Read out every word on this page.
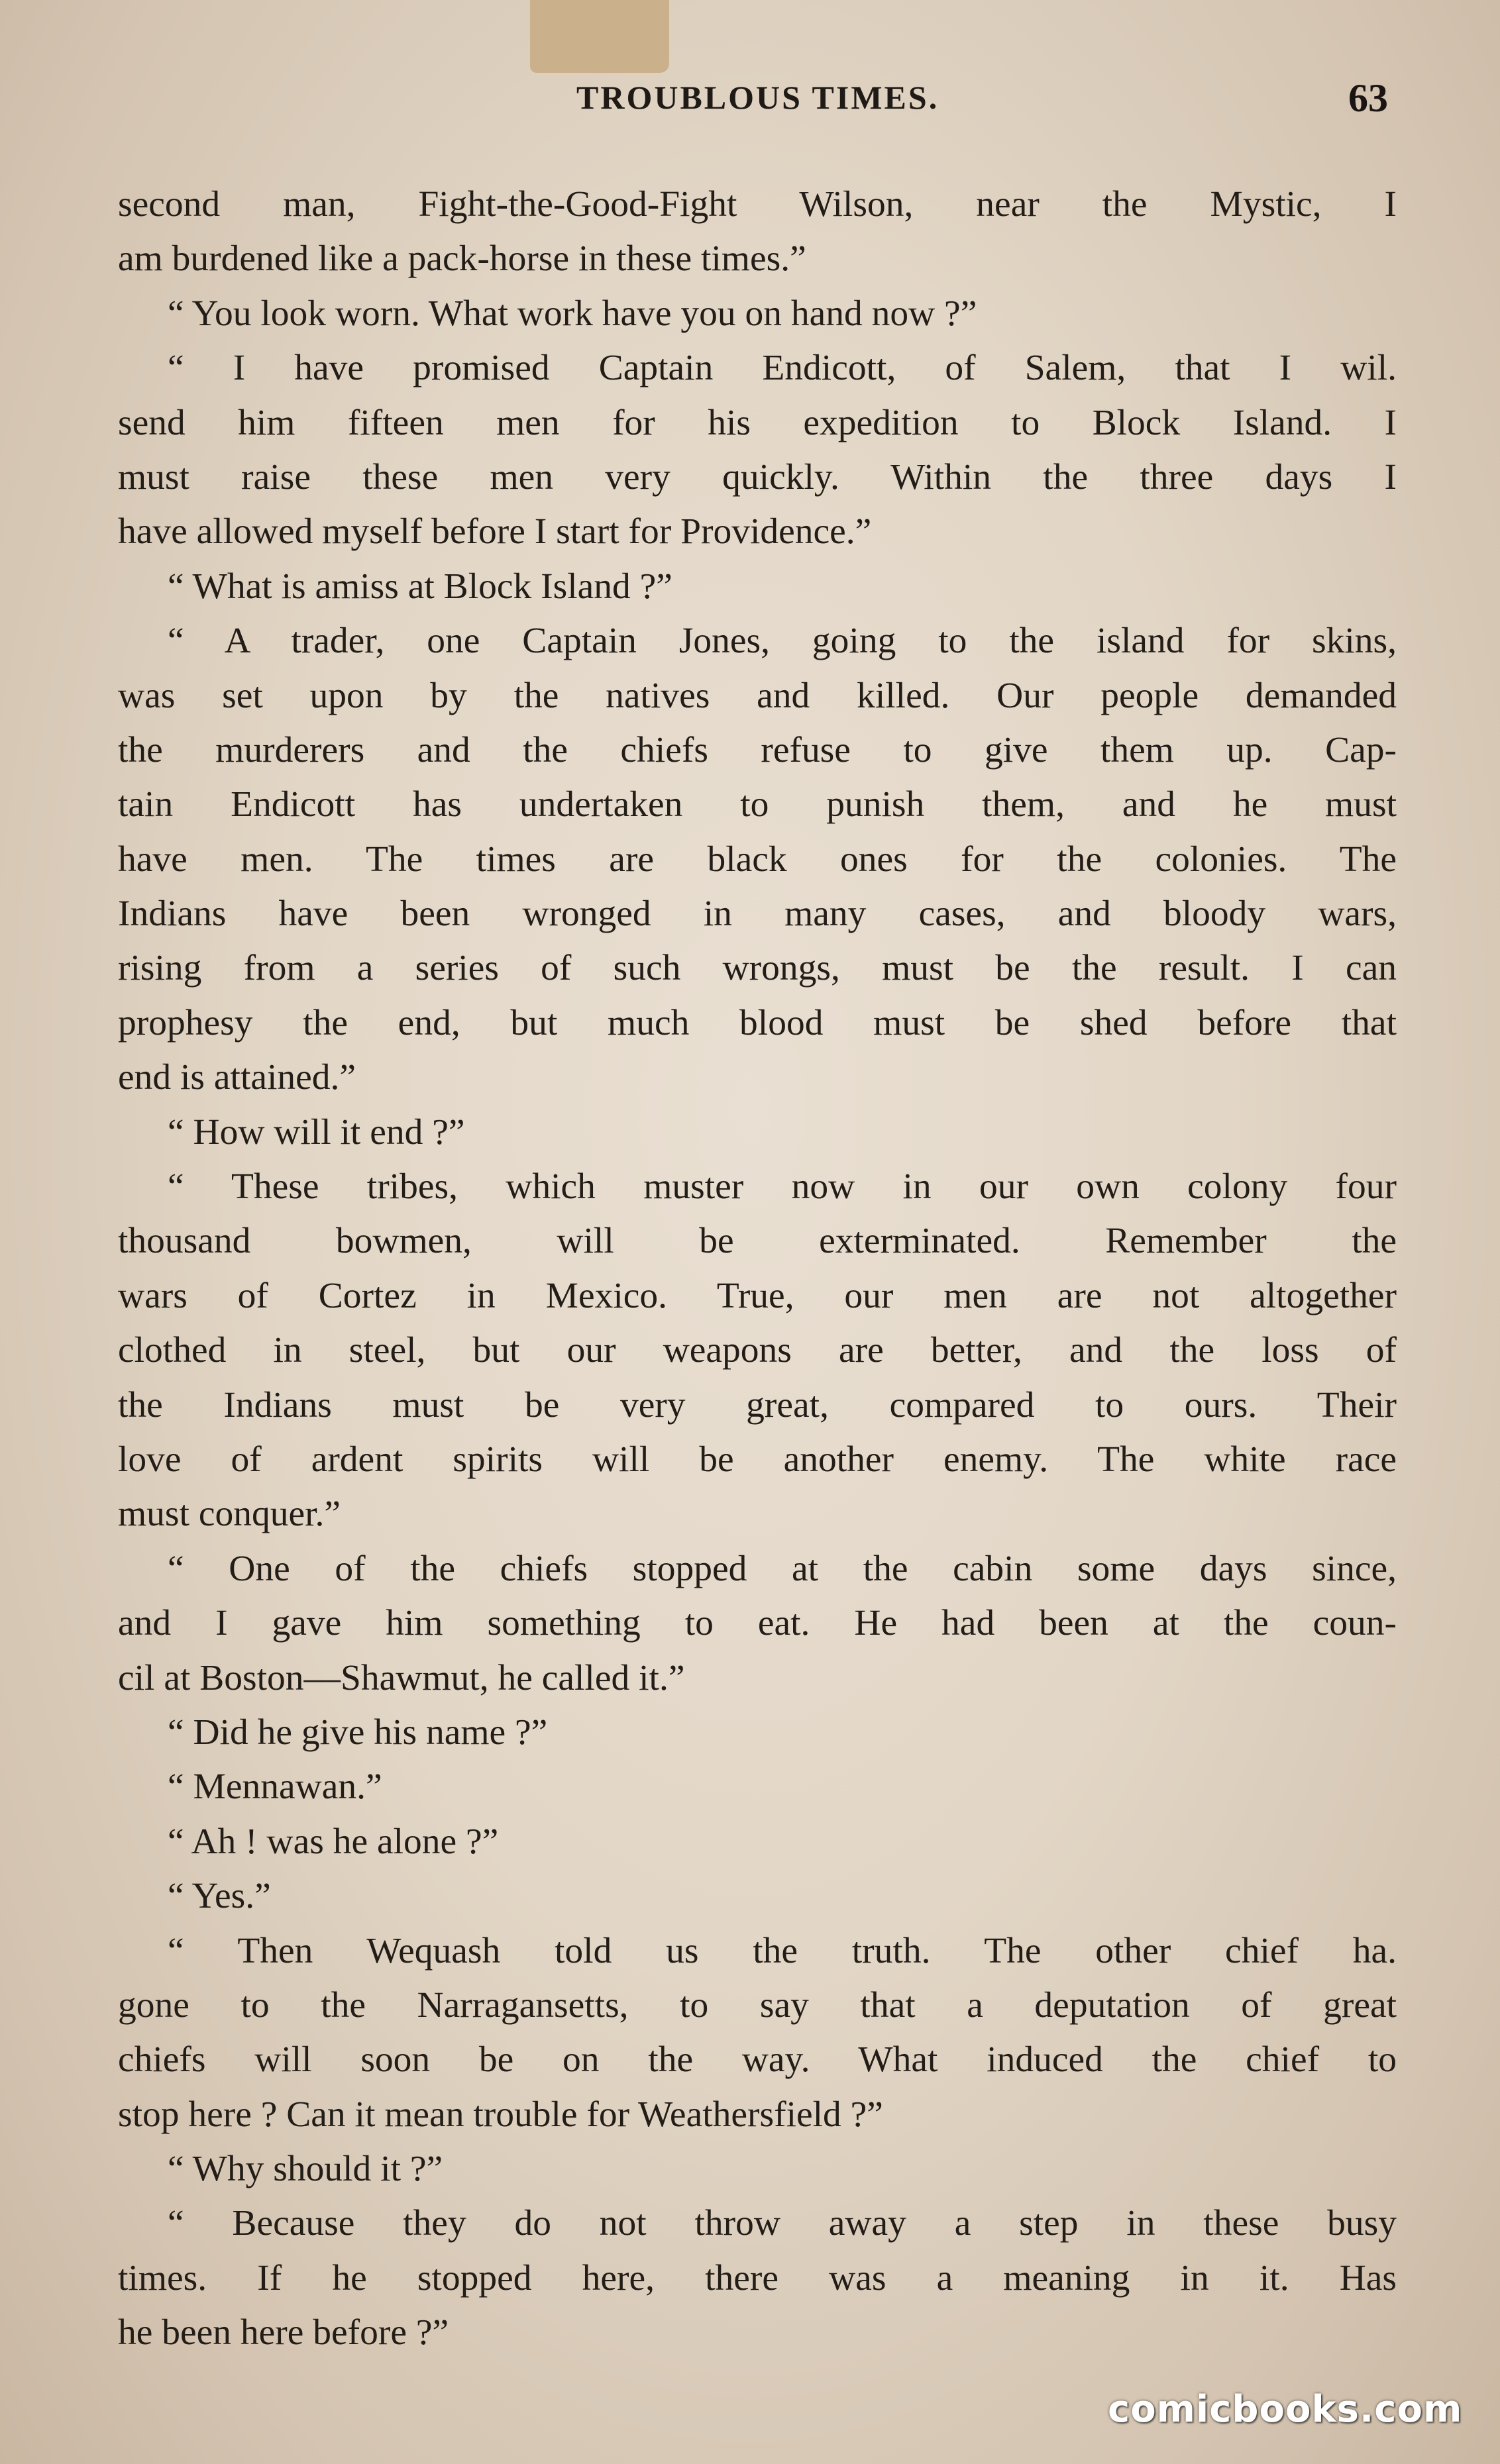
TROUBLOUS TIMES.	63
second man, Fight-the-Good-Fight Wilson, near the Mystic, I
am burdened like a pack-horse in these times.”
“ You look worn. What work have you on hand now ?”
“ I have promised Captain Endicott, of Salem, that I wil.
send him fifteen men for his expedition to Block Island. I
must raise these men very quickly. Within the three days I
have allowed myself before I start for Providence.”
“ What is amiss at Block Island ?”
“ A trader, one Captain Jones, going to the island for skins,
was set upon by the natives and killed. Our people demanded
the murderers and the chiefs refuse to give them up. Cap-
tain Endicott has undertaken to punish them, and he must
have men. The times are black ones for the colonies. The
Indians have been wronged in many cases, and bloody wars,
rising from a series of such wrongs, must be the result. I can
prophesy the end, but much blood must be shed before that
end is attained.”
“ How will it end ?”
“ These tribes, which muster now in our own colony four
thousand bowmen, will be exterminated. Remember the
wars of Cortez in Mexico. True, our men are not altogether
clothed in steel, but our weapons are better, and the loss of
the Indians must be very great, compared to ours. Their
love of ardent spirits will be another enemy. The white race
must conquer.”
“ One of the chiefs stopped at the cabin some days since,
and I gave him something to eat. He had been at the coun-
cil at Boston—Shawmut, he called it.”
“ Did he give his name ?”
“ Mennawan.”
“ Ah ! was he alone ?”
“ Yes.”
“ Then Wequash told us the truth. The other chief ha.
gone to the Narragansetts, to say that a deputation of great
chiefs will soon be on the way. What induced the chief to
stop here ? Can it mean trouble for Weathersfield ?”
“ Why should it ?”
“ Because they do not throw away a step in these busy
times. If he stopped here, there was a meaning in it. Has
he been here before ?”
comicbooks.com
